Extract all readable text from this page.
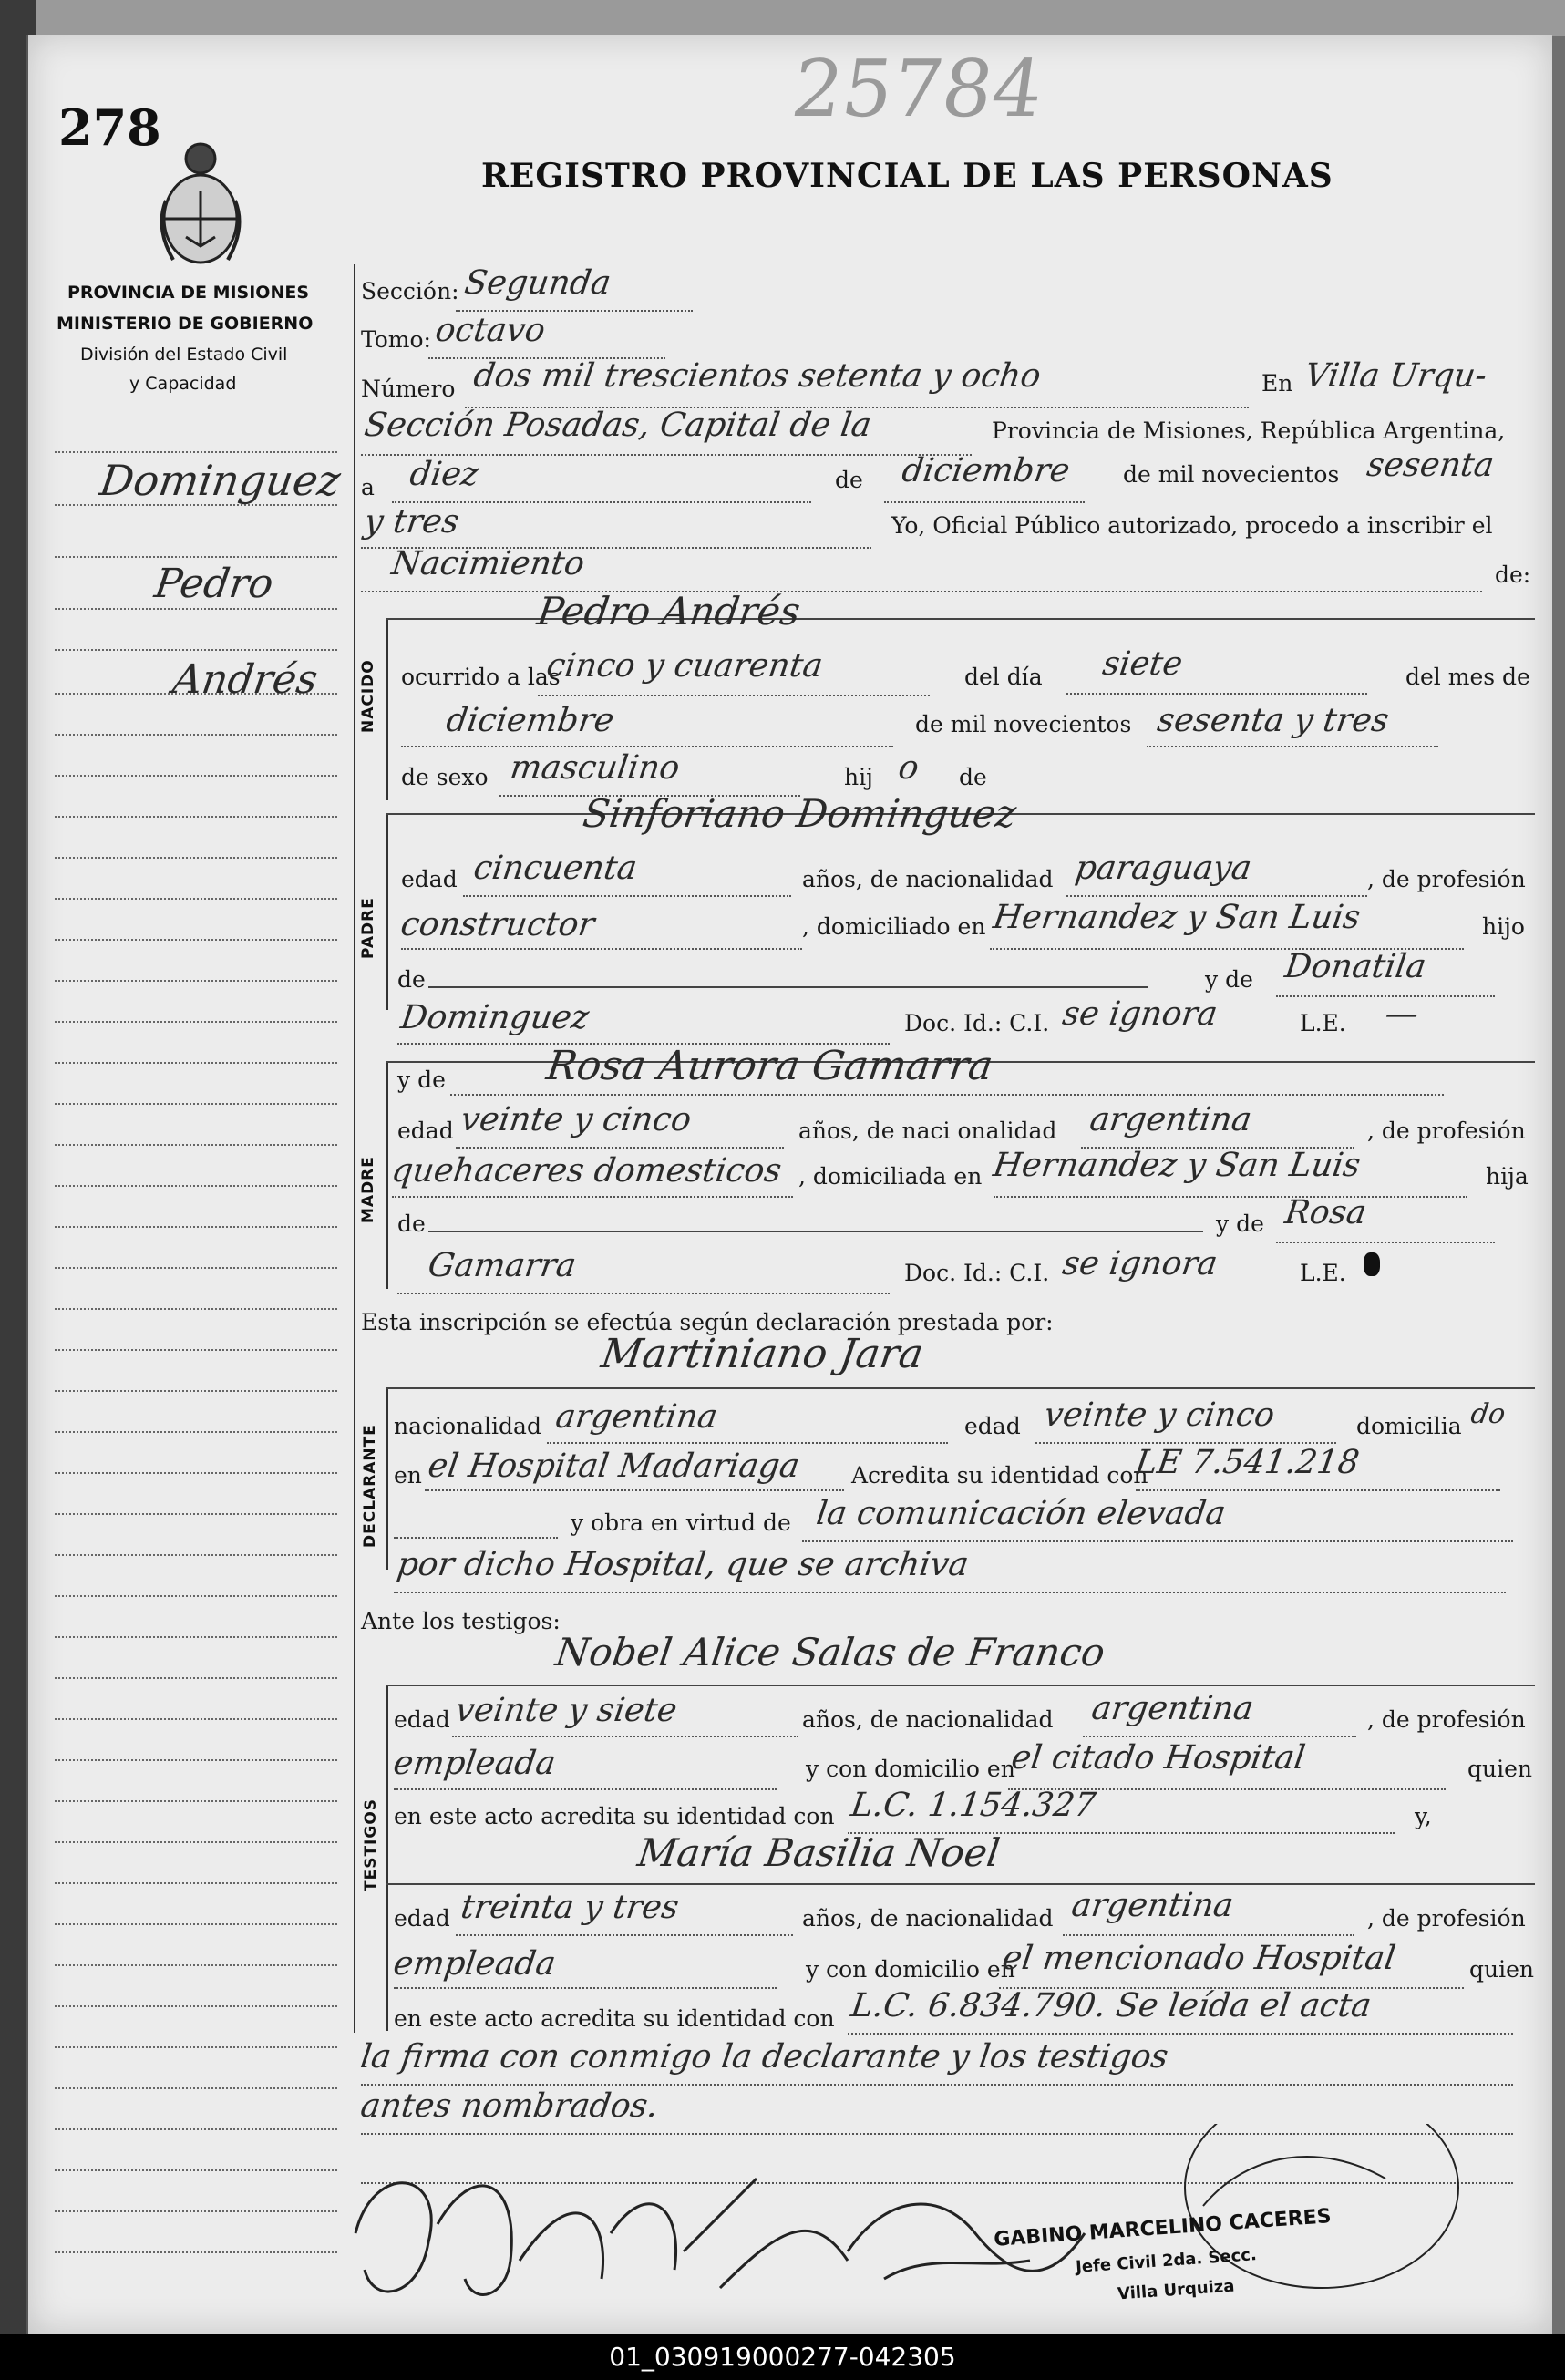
278	25784
REGISTRO PROVINCIAL DE LAS PERSONAS
PROVINCIA DE MISIONES
MINISTERIO DE GOBIERNO
División del Estado Civil
y Capacidad
Dominguez
Pedro
Andrés
Sección: Segunda
Tomo: octavo
Número dos mil trescientos setenta y ocho	En Villa Urqu-
Sección Posadas, Capital de la	Provincia de Misiones, República Argentina,
a diez	de diciembre de mil novecientos sesenta
y tres	Yo, Oficial Público autorizado, procedo a inscribir el
Nacimiento	de:
NACIDO
Pedro Andrés
ocurrido a las
cinco y cuarenta	del día siete	del mes de
diciembre	de mil novecientos sesenta y tres
de sexo masculino	hij o de
PADRE
Sinforiano Dominguez
edad cincuenta	años, de nacionalidad paraguaya	, de profesión
constructor	, domiciliado en Hernandez y San Luis	hijo
de	y de Donatila
Dominguez	Doc. Id.: C.I. se ignora	L.E. —
MADRE
y de Rosa Aurora Gamarra
edad veinte y cinco	años, de naci onalidad argentina	, de profesión
quehaceres domesticos , domiciliada en Hernandez y San Luis	hija
de	y de Rosa
Gamarra	Doc. Id.: C.I. se ignora	L.E.
Esta inscripción se efectúa según declaración prestada por:
DECLARANTE
Martiniano Jara
nacionalidad argentina	edad veinte y cinco	domicilia do
en el Hospital Madariaga Acredita su identidad con
LE 7.541.218
y obra en virtud de la comunicación elevada
por dicho Hospital, que se archiva
Ante los testigos:
TESTIGOS
Nobel Alice Salas de Franco
edad veinte y siete	años, de nacionalidad argentina	, de profesión
empleada	y con domicilio en
el citado Hospital	quien
en este acto acredita su identidad con L.C. 1.154.327	y,
María Basilia Noel
edad treinta y tres	años, de nacionalidad argentina	, de profesión
empleada	y con domicilio en
el mencionado Hospital	quien
en este acto acredita su identidad con L.C. 6.834.790. Se leída el acta
la firma con conmigo la declarante y los testigos
antes nombrados.
GABINO MARCELINO CACERES
Jefe Civil 2da. Secc.
Villa Urquiza
01_030919000277-042305
